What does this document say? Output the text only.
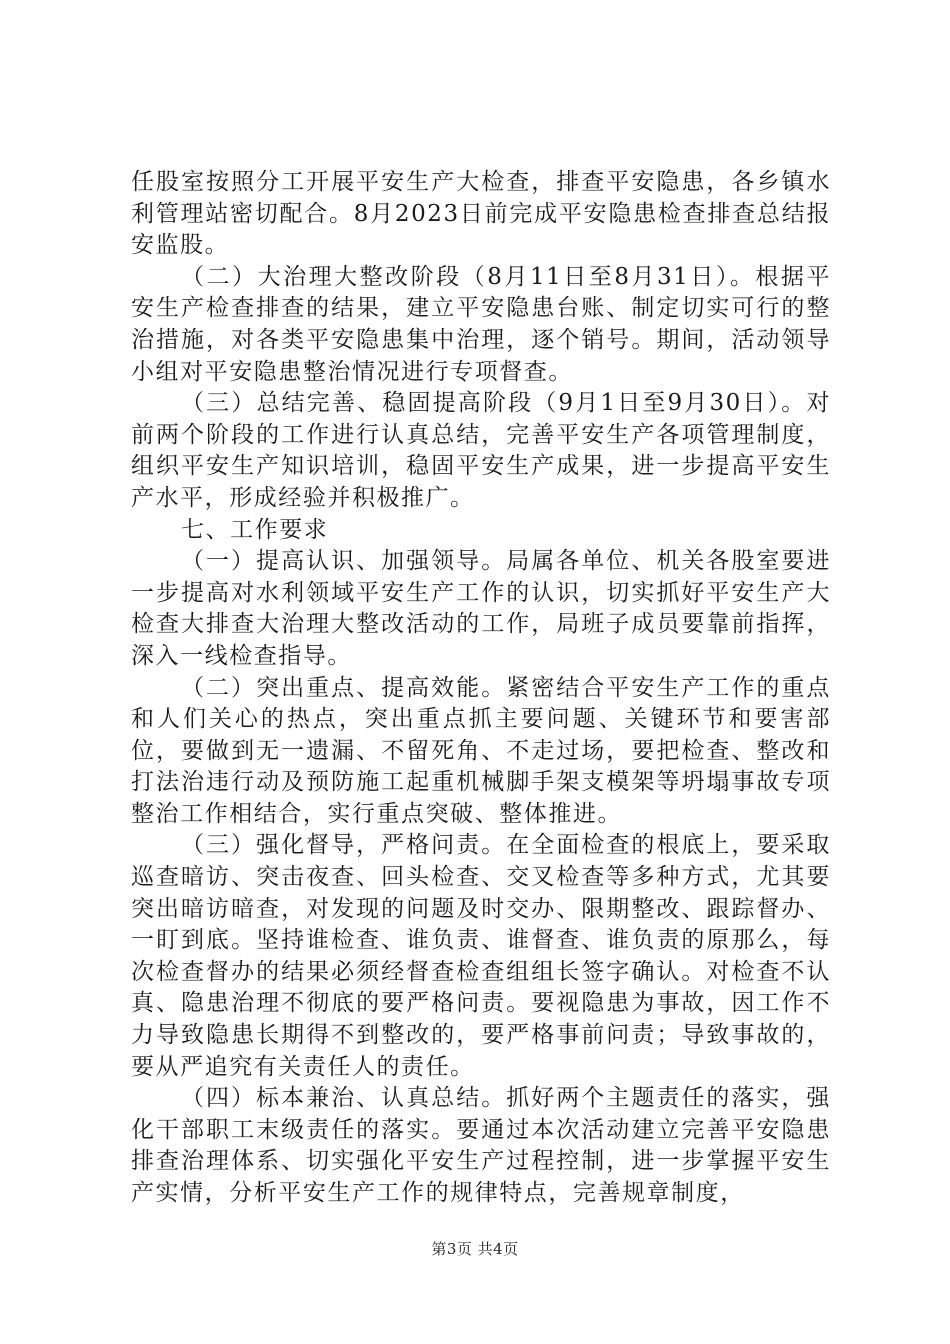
任股室按照分工开展平安生产大检查，排查平安隐患，各乡镇水利管理站密切配合。8月2023日前完成平安隐患检查排查总结报安监股。

（二）大治理大整改阶段（8月11日至8月31日）。根据平安生产检查排查的结果，建立平安隐患台账、制定切实可行的整治措施，对各类平安隐患集中治理，逐个销号。期间，活动领导小组对平安隐患整治情况进行专项督查。

（三）总结完善、稳固提高阶段（9月1日至9月30日）。对前两个阶段的工作进行认真总结，完善平安生产各项管理制度，组织平安生产知识培训，稳固平安生产成果，进一步提高平安生产水平，形成经验并积极推广。

七、工作要求

（一）提高认识、加强领导。局属各单位、机关各股室要进一步提高对水利领域平安生产工作的认识，切实抓好平安生产大检查大排查大治理大整改活动的工作，局班子成员要靠前指挥，深入一线检查指导。

（二）突出重点、提高效能。紧密结合平安生产工作的重点和人们关心的热点，突出重点抓主要问题、关键环节和要害部位，要做到无一遗漏、不留死角、不走过场，要把检查、整改和打法治违行动及预防施工起重机械脚手架支模架等坍塌事故专项整治工作相结合，实行重点突破、整体推进。

（三）强化督导，严格问责。在全面检查的根底上，要采取巡查暗访、突击夜查、回头检查、交叉检查等多种方式，尤其要突出暗访暗查，对发现的问题及时交办、限期整改、跟踪督办、一盯到底。坚持谁检查、谁负责、谁督查、谁负责的原那么，每次检查督办的结果必须经督查检查组组长签字确认。对检查不认真、隐患治理不彻底的要严格问责。要视隐患为事故，因工作不力导致隐患长期得不到整改的，要严格事前问责；导致事故的，要从严追究有关责任人的责任。

（四）标本兼治、认真总结。抓好两个主题责任的落实，强化干部职工末级责任的落实。要通过本次活动建立完善平安隐患排查治理体系、切实强化平安生产过程控制，进一步掌握平安生产实情，分析平安生产工作的规律特点，完善规章制度，

第3页 共4页
